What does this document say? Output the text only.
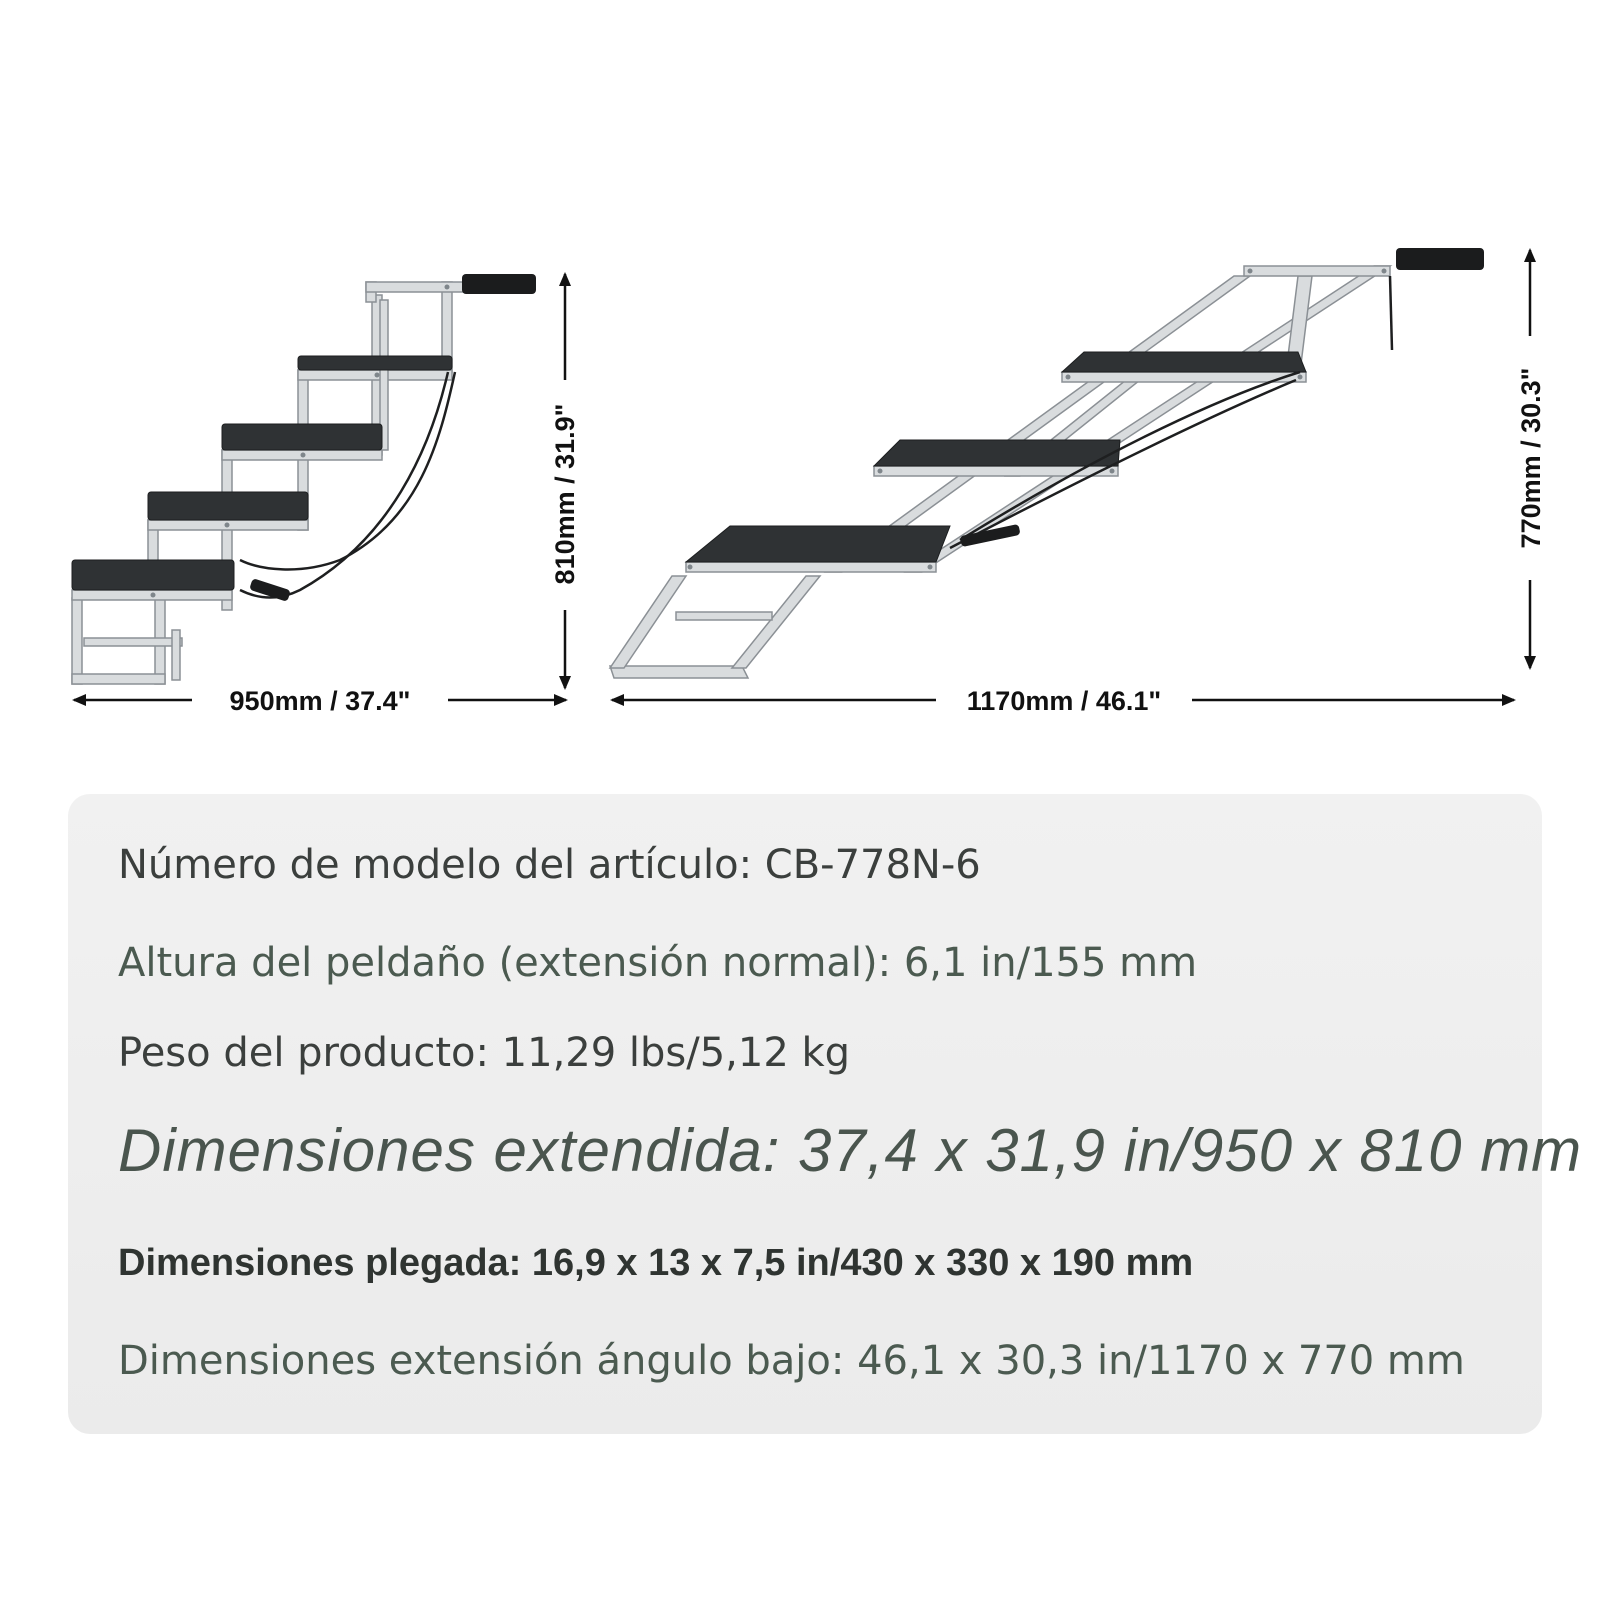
950mm / 37.4"
810mm / 31.9"
1170mm / 46.1"
770mm / 30.3"
Número de modelo del artículo: CB-778N-6
Altura del peldaño (extensión normal): 6,1 in/155 mm
Peso del producto: 11,29 lbs/5,12 kg
Dimensiones extendida: 37,4 x 31,9 in/950 x 810 mm
Dimensiones plegada: 16,9 x 13 x 7,5 in/430 x 330 x 190 mm
Dimensiones extensión ángulo bajo: 46,1 x 30,3 in/1170 x 770 mm
